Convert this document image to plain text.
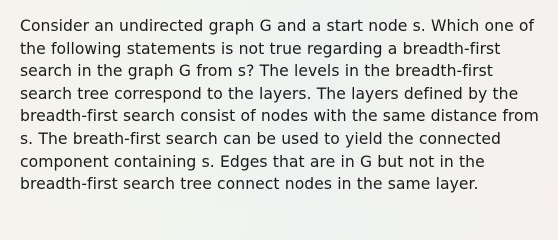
Consider an undirected graph G and a start node s. Which one of the following statements is not true regarding a breadth-first search in the graph G from s? The levels in the breadth-first search tree correspond to the layers. The layers defined by the breadth-first search consist of nodes with the same distance from s. The breath-first search can be used to yield the connected component containing s. Edges that are in G but not in the breadth-first search tree connect nodes in the same layer.
